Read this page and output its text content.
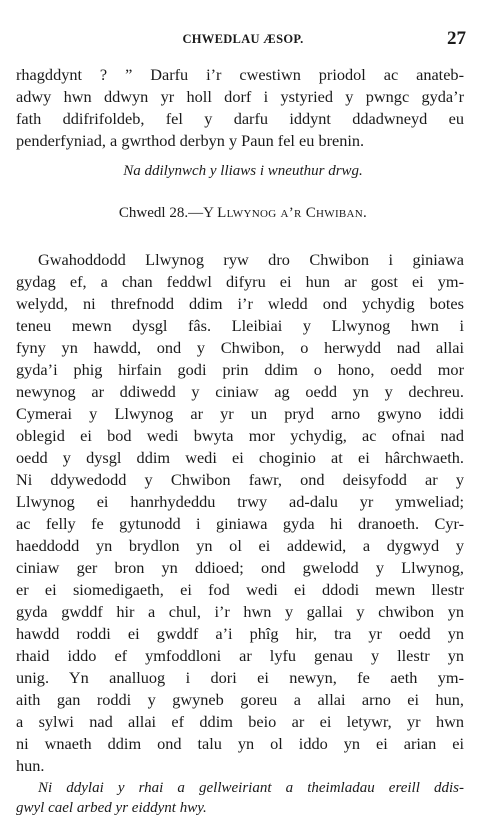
CHWEDLAU ÆSOP.	27
rhagddynt ? ” Darfu i’r cwestiwn priodol ac anateb-
adwy hwn ddwyn yr holl dorf i ystyried y pwngc gyda’r
fath ddifrifoldeb, fel y darfu iddynt ddadwneyd eu
penderfyniad, a gwrthod derbyn y Paun fel eu brenin.
Na ddilynwch y lliaws i wneuthur drwg.
Chwedl 28.—Y Llwynog a’r Chwiban.
Gwahoddodd Llwynog ryw dro Chwibon i giniawa
gydag ef, a chan feddwl difyru ei hun ar gost ei ym-
welydd, ni threfnodd ddim i’r wledd ond ychydig botes
teneu mewn dysgl fâs. Lleibiai y Llwynog hwn i
fyny yn hawdd, ond y Chwibon, o herwydd nad allai
gyda’i phig hirfain godi prin ddim o hono, oedd mor
newynog ar ddiwedd y ciniaw ag oedd yn y dechreu.
Cymerai y Llwynog ar yr un pryd arno gwyno iddi
oblegid ei bod wedi bwyta mor ychydig, ac ofnai nad
oedd y dysgl ddim wedi ei choginio at ei hârchwaeth.
Ni ddywedodd y Chwibon fawr, ond deisyfodd ar y
Llwynog ei hanrhydeddu trwy ad-dalu yr ymweliad;
ac felly fe gytunodd i giniawa gyda hi dranoeth. Cyr-
haeddodd yn brydlon yn ol ei addewid, a dygwyd y
ciniaw ger bron yn ddioed; ond gwelodd y Llwynog,
er ei siomedigaeth, ei fod wedi ei ddodi mewn llestr
gyda gwddf hir a chul, i’r hwn y gallai y chwibon yn
hawdd roddi ei gwddf a’i phîg hir, tra yr oedd yn
rhaid iddo ef ymfoddloni ar lyfu genau y llestr yn
unig. Yn analluog i dori ei newyn, fe aeth ym-
aith gan roddi y gwyneb goreu a allai arno ei hun,
a sylwi nad allai ef ddim beio ar ei letywr, yr hwn
ni wnaeth ddim ond talu yn ol iddo yn ei arian ei
hun.
Ni ddylai y rhai a gellweiriant a theimladau ereill ddis-
gwyl cael arbed yr eiddynt hwy.
